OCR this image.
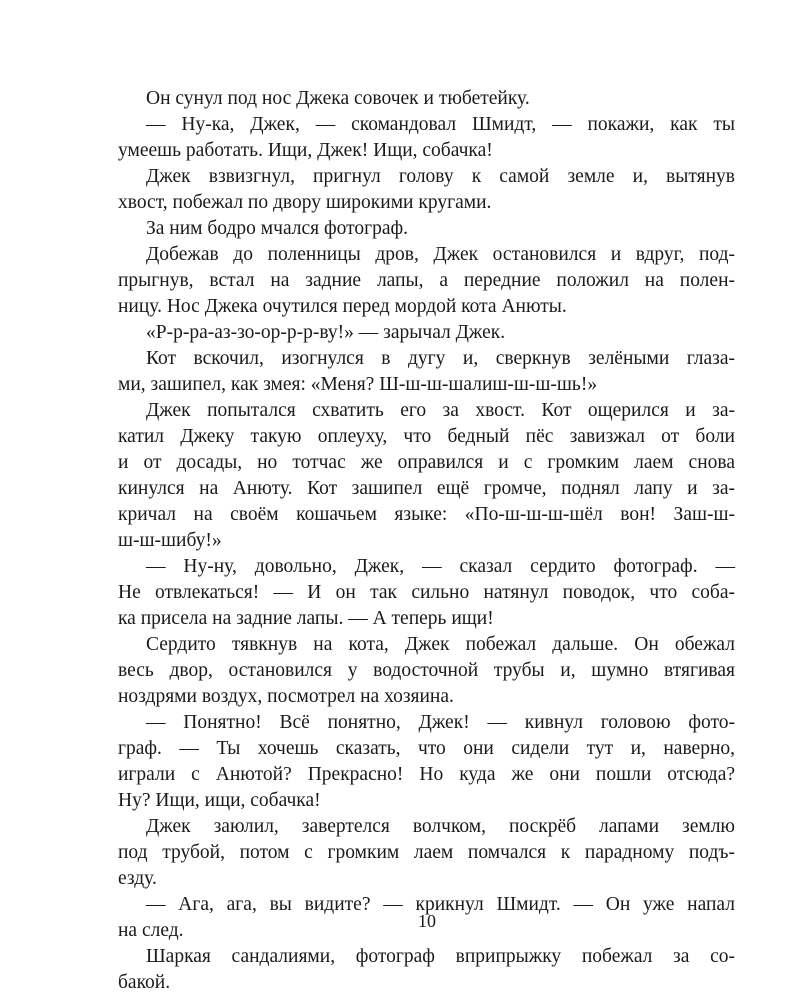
Он сунул под нос Джека совочек и тюбетейку.
— Ну-ка, Джек, — скомандовал Шмидт, — покажи, как ты
умеешь работать. Ищи, Джек! Ищи, собачка!
Джек взвизгнул, пригнул голову к самой земле и, вытянув
хвост, побежал по двору широкими кругами.
За ним бодро мчался фотограф.
Добежав до поленницы дров, Джек остановился и вдруг, под-
прыгнув, встал на задние лапы, а передние положил на полен-
ницу. Нос Джека очутился перед мордой кота Анюты.
«Р-р-ра-аз-зо-ор-р-р-ву!» — зарычал Джек.
Кот вскочил, изогнулся в дугу и, сверкнув зелёными глаза-
ми, зашипел, как змея: «Меня? Ш-ш-ш-шалиш-ш-ш-шь!»
Джек попытался схватить его за хвост. Кот ощерился и за-
катил Джеку такую оплеуху, что бедный пёс завизжал от боли
и от досады, но тотчас же оправился и с громким лаем снова
кинулся на Анюту. Кот зашипел ещё громче, поднял лапу и за-
кричал на своём кошачьем языке: «По-ш-ш-ш-шёл вон! Заш-ш-
ш-ш-шибу!»
— Ну-ну, довольно, Джек, — сказал сердито фотограф. —
Не отвлекаться! — И он так сильно натянул поводок, что соба-
ка присела на задние лапы. — А теперь ищи!
Сердито тявкнув на кота, Джек побежал дальше. Он обежал
весь двор, остановился у водосточной трубы и, шумно втягивая
ноздрями воздух, посмотрел на хозяина.
— Понятно! Всё понятно, Джек! — кивнул головою фото-
граф. — Ты хочешь сказать, что они сидели тут и, наверно,
играли с Анютой? Прекрасно! Но куда же они пошли отсюда?
Ну? Ищи, ищи, собачка!
Джек заюлил, завертелся волчком, поскрёб лапами землю
под трубой, потом с громким лаем помчался к парадному подъ-
езду.
— Ага, ага, вы видите? — крикнул Шмидт. — Он уже напал
на след.
Шаркая сандалиями, фотограф вприпрыжку побежал за со-
бакой.
10
